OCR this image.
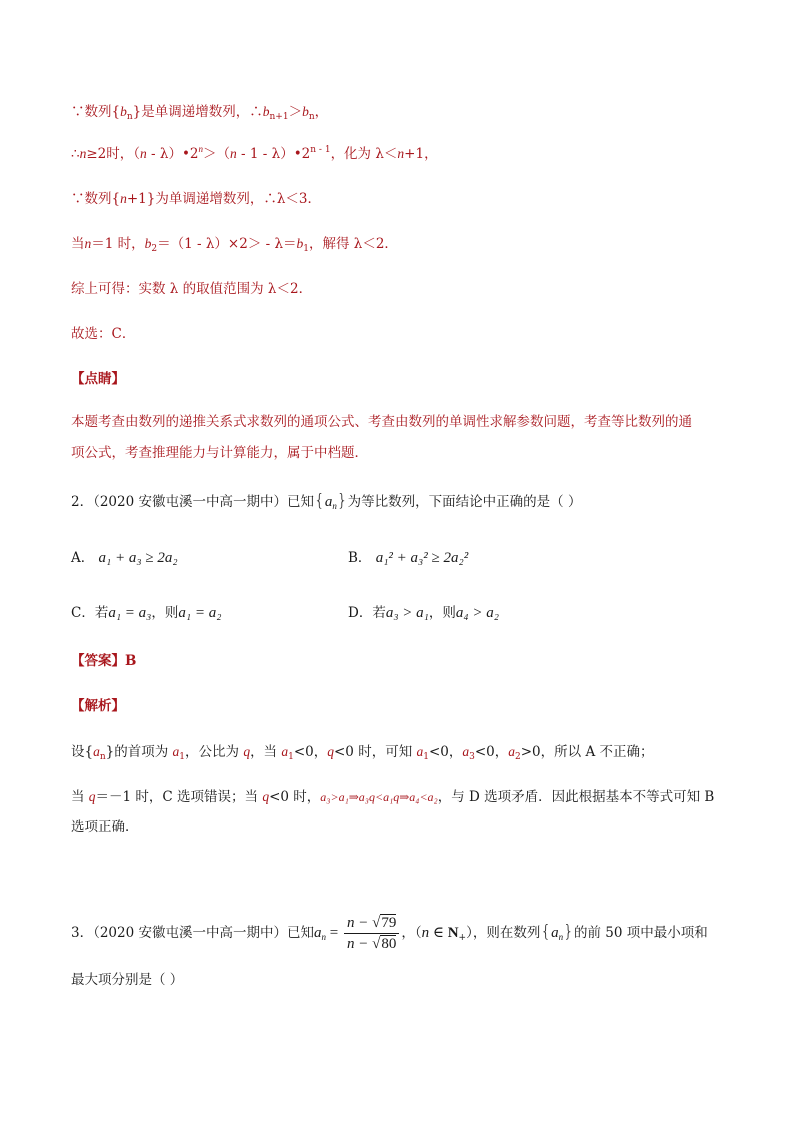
∵数列$\{b_n\}$是单调递增数列，$\therefore b_{n+1}>b_n$，
∴n≥2时，$(n - \lambda)•2^n>(n - 1$ - λ）•2$^{n - 1}$，化为 λ＜n+1，
∵数列{n+1}为单调递增数列，∴λ＜3．
当n＝1 时，$b_2=(1 - \lambda)\times 2> - \lambda=b_1$，解得 λ＜2．
综上可得：实数 λ 的取值范围为 λ＜2．
故选：C．
【点睛】
本题考查由数列的递推关系式求数列的通项公式、考查由数列的单调性求解参数问题，考查等比数列的通
项公式，考查推理能力与计算能力，属于中档题．
2．（2020 安徽屯溪一中高一期中）已知$\{a_n\}$为等比数列，下面结论中正确的是（ ）
A． a₁ + a₃ ≥ 2a₂	B． a₁² + a₃² ≥ 2a₂²
C．若a₁ = a₃，则a₁ = a₂	D．若a₃ > a₁，则a₄ > a₂
【答案】B
【解析】
设$\{a_n\}$的首项为 $a_1$，公比为 q，当 $a_1<0$，q<0 时，可知 $a_1<0$，$a_3<0$，$a_2>0$，所以 A 不正确；
当 q＝－1 时，C 选项错误；当 q<0 时，a₃>a₁⇒a₃q<a₁q⇒a₄<a₂，与 D 选项矛盾．因此根据基本不等式可知 B
选项正确．
3．（2020 安徽屯溪一中高一期中）已知$a_n = \frac{n - √79}{n - √80}$ ，（n ∈ $N_+$），则在数列$\{a_n\}$的前 50 项中最小项和
最大项分别是（ ）
